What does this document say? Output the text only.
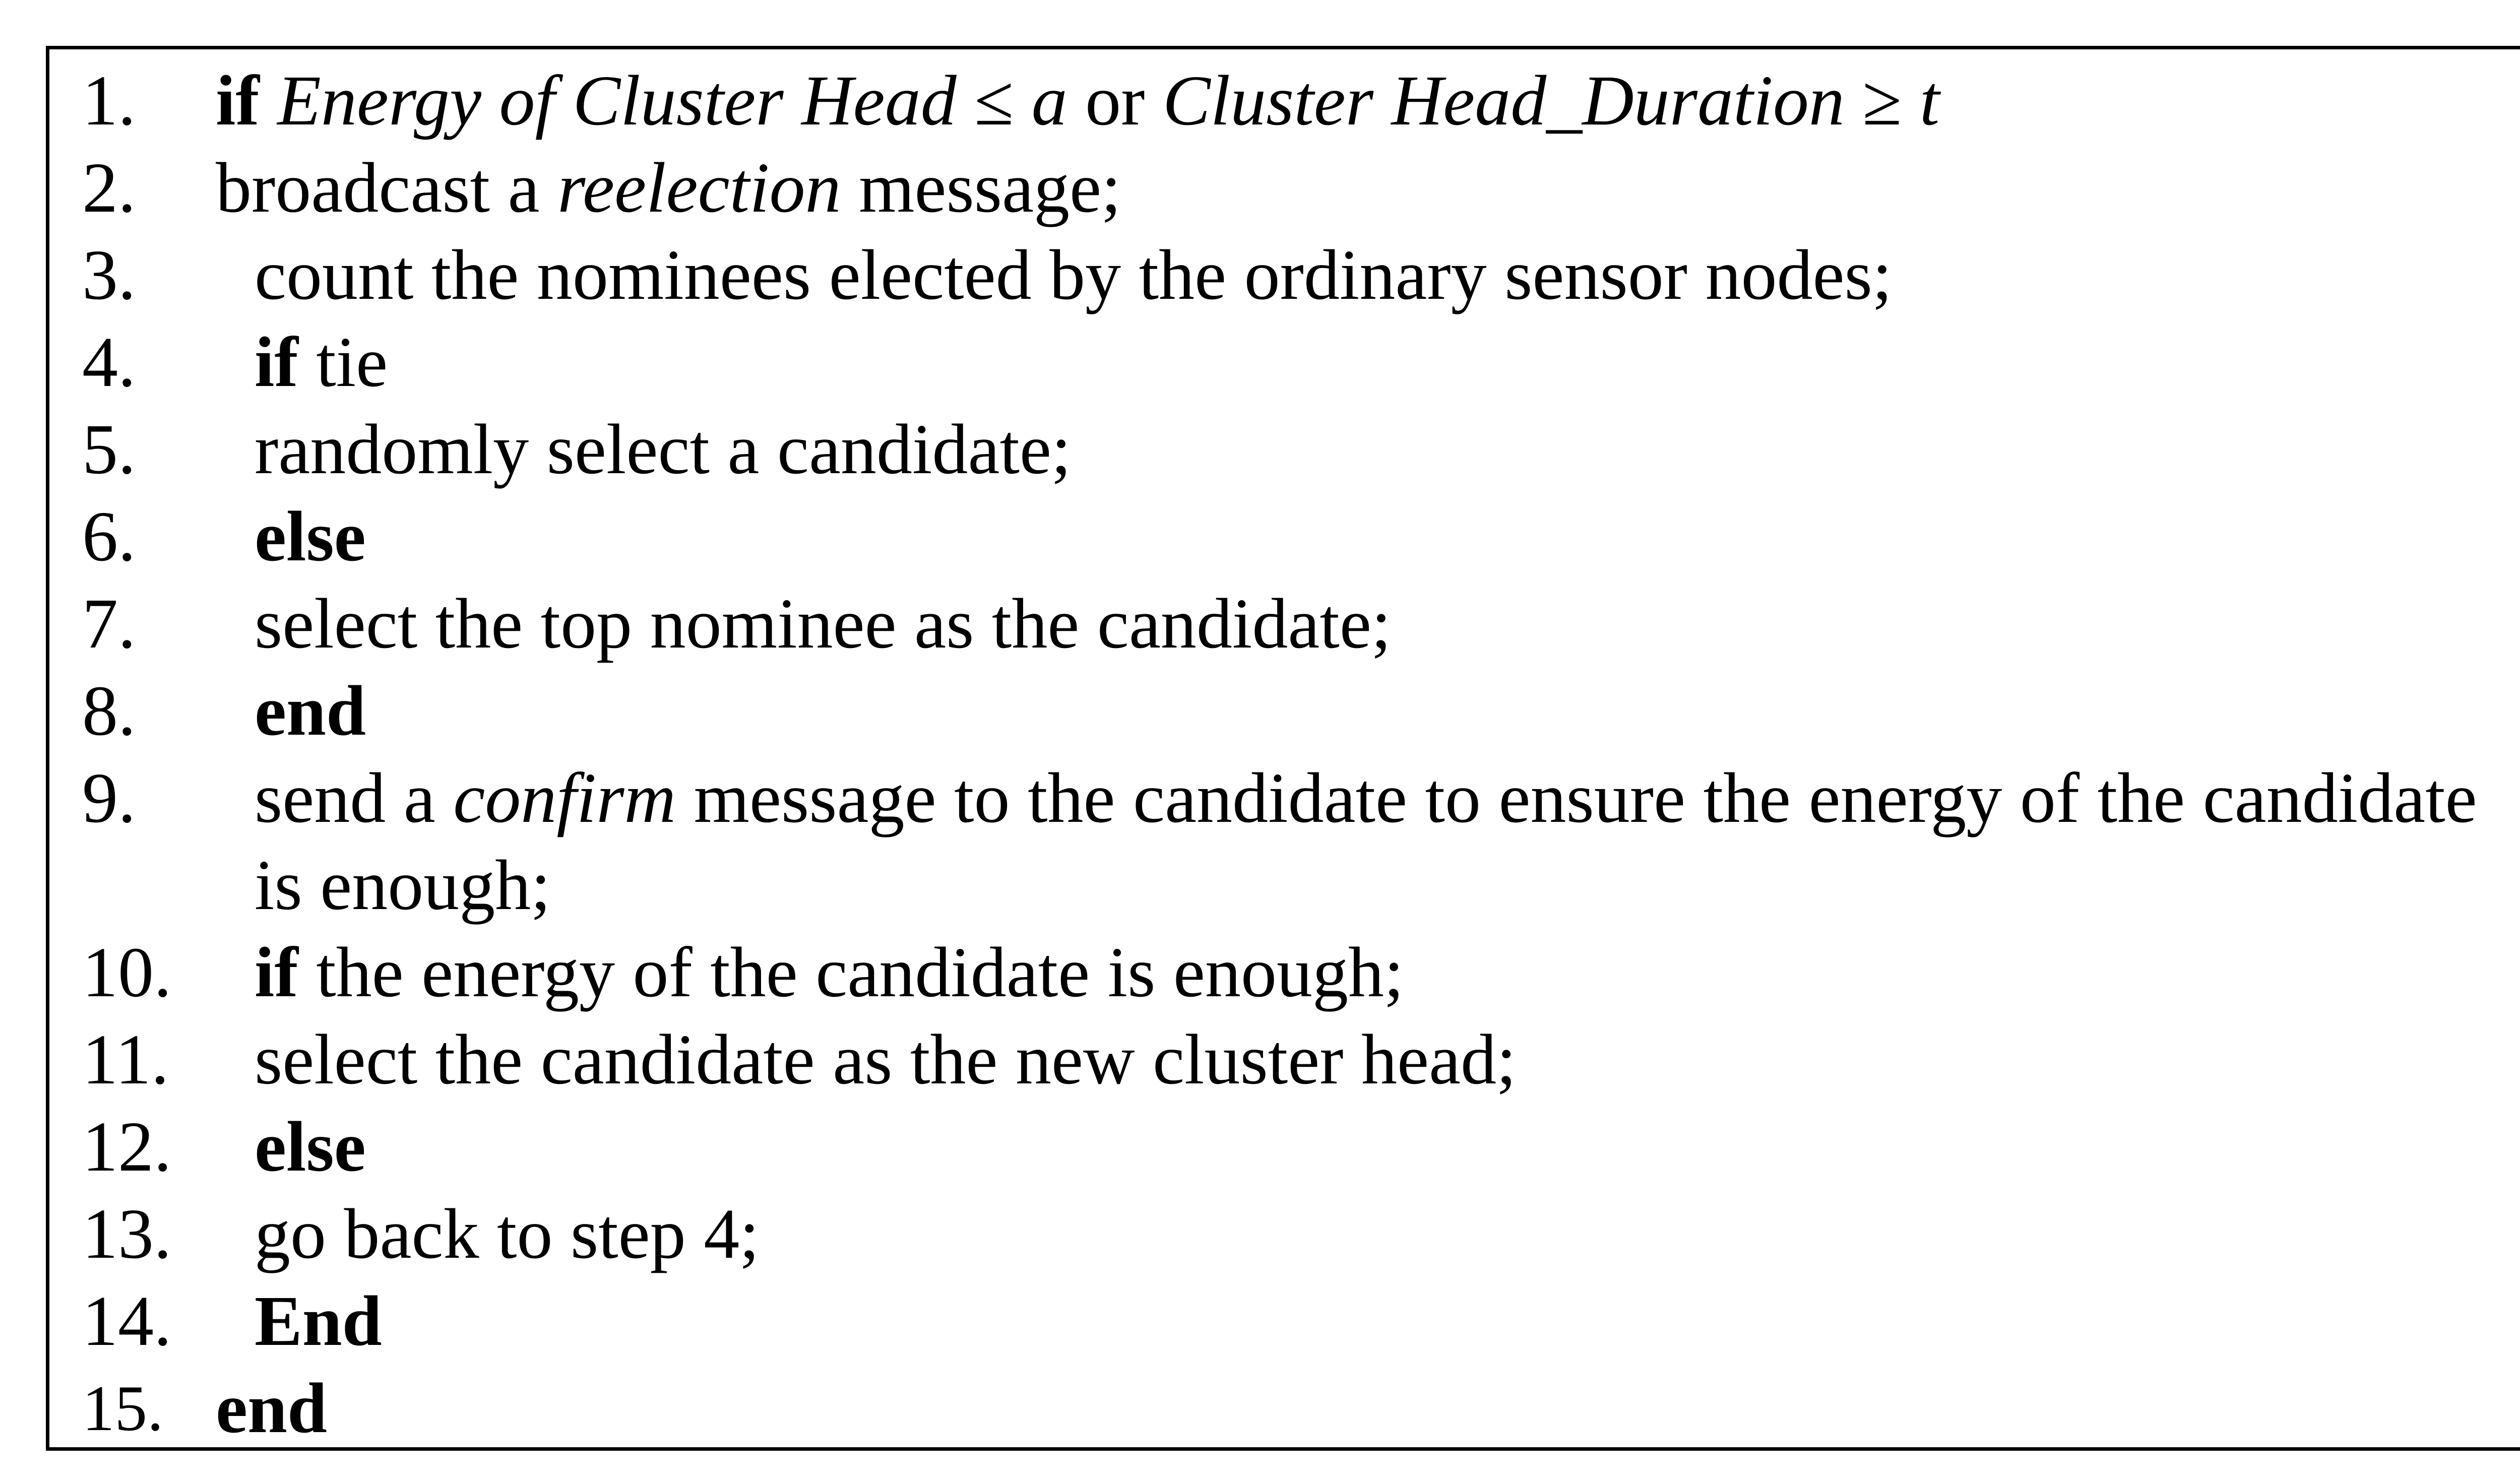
1. if Energy of Cluster Head ≤ a or Cluster Head_Duration ≥ t
2. broadcast a reelection message;
3. count the nominees elected by the ordinary sensor nodes;
4. if tie
5. randomly select a candidate;
6. else
7. select the top nominee as the candidate;
8. end
9. send a confirm message to the candidate to ensure the energy of the candidate
is enough;
10. if the energy of the candidate is enough;
11. select the candidate as the new cluster head;
12. else
13. go back to step 4;
14. End
15. end
